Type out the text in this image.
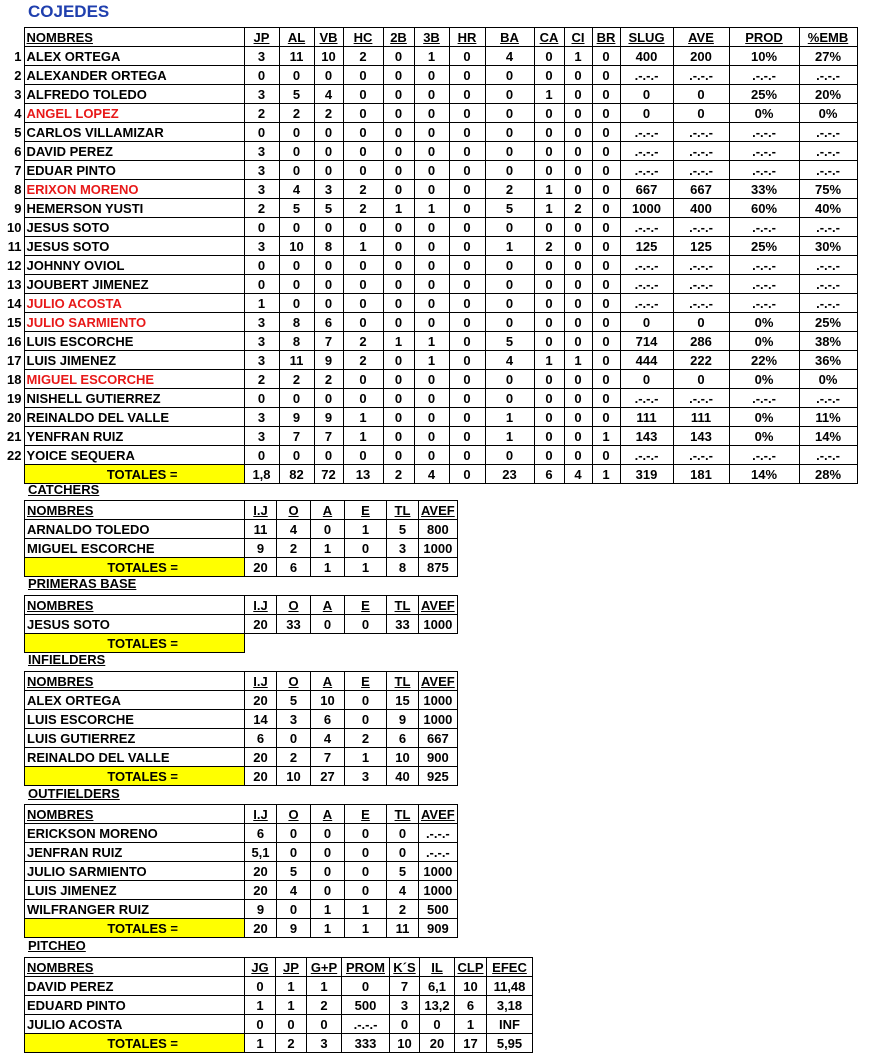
COJEDES
	NOMBRES	JP	AL	VB	HC	2B	3B	HR	BA	CA	CI	BR	SLUG	AVE	PROD	%EMB
1	ALEX ORTEGA	3	11	10	2	0	1	0	4	0	1	0	400	200	10%	27%
2	ALEXANDER ORTEGA	0	0	0	0	0	0	0	0	0	0	0	.-.-.-	.-.-.-	.-.-.-	.-.-.-
3	ALFREDO TOLEDO	3	5	4	0	0	0	0	0	1	0	0	0	0	25%	20%
4	ANGEL LOPEZ	2	2	2	0	0	0	0	0	0	0	0	0	0	0%	0%
5	CARLOS VILLAMIZAR	0	0	0	0	0	0	0	0	0	0	0	.-.-.-	.-.-.-	.-.-.-	.-.-.-
6	DAVID PEREZ	3	0	0	0	0	0	0	0	0	0	0	.-.-.-	.-.-.-	.-.-.-	.-.-.-
7	EDUAR PINTO	3	0	0	0	0	0	0	0	0	0	0	.-.-.-	.-.-.-	.-.-.-	.-.-.-
8	ERIXON MORENO	3	4	3	2	0	0	0	2	1	0	0	667	667	33%	75%
9	HEMERSON YUSTI	2	5	5	2	1	1	0	5	1	2	0	1000	400	60%	40%
10	JESUS SOTO	0	0	0	0	0	0	0	0	0	0	0	.-.-.-	.-.-.-	.-.-.-	.-.-.-
11	JESUS SOTO	3	10	8	1	0	0	0	1	2	0	0	125	125	25%	30%
12	JOHNNY OVIOL	0	0	0	0	0	0	0	0	0	0	0	.-.-.-	.-.-.-	.-.-.-	.-.-.-
13	JOUBERT JIMENEZ	0	0	0	0	0	0	0	0	0	0	0	.-.-.-	.-.-.-	.-.-.-	.-.-.-
14	JULIO ACOSTA	1	0	0	0	0	0	0	0	0	0	0	.-.-.-	.-.-.-	.-.-.-	.-.-.-
15	JULIO SARMIENTO	3	8	6	0	0	0	0	0	0	0	0	0	0	0%	25%
16	LUIS ESCORCHE	3	8	7	2	1	1	0	5	0	0	0	714	286	0%	38%
17	LUIS JIMENEZ	3	11	9	2	0	1	0	4	1	1	0	444	222	22%	36%
18	MIGUEL ESCORCHE	2	2	2	0	0	0	0	0	0	0	0	0	0	0%	0%
19	NISHELL GUTIERREZ	0	0	0	0	0	0	0	0	0	0	0	.-.-.-	.-.-.-	.-.-.-	.-.-.-
20	REINALDO DEL VALLE	3	9	9	1	0	0	0	1	0	0	0	111	111	0%	11%
21	YENFRAN RUIZ	3	7	7	1	0	0	0	1	0	0	1	143	143	0%	14%
22	YOICE SEQUERA	0	0	0	0	0	0	0	0	0	0	0	.-.-.-	.-.-.-	.-.-.-	.-.-.-
	TOTALES =	1,8	82	72	13	2	4	0	23	6	4	1	319	181	14%	28%
CATCHERS
NOMBRES	I.J	O	A	E	TL	AVEF
ARNALDO TOLEDO	11	4	0	1	5	800
MIGUEL ESCORCHE	9	2	1	0	3	1000
TOTALES =	20	6	1	1	8	875
PRIMERAS BASE
NOMBRES	I.J	O	A	E	TL	AVEF
JESUS SOTO	20	33	0	0	33	1000
TOTALES =						
INFIELDERS
NOMBRES	I.J	O	A	E	TL	AVEF
ALEX ORTEGA	20	5	10	0	15	1000
LUIS ESCORCHE	14	3	6	0	9	1000
LUIS GUTIERREZ	6	0	4	2	6	667
REINALDO DEL VALLE	20	2	7	1	10	900
TOTALES =	20	10	27	3	40	925
OUTFIELDERS
NOMBRES	I.J	O	A	E	TL	AVEF
ERICKSON MORENO	6	0	0	0	0	.-.-.-
JENFRAN RUIZ	5,1	0	0	0	0	.-.-.-
JULIO SARMIENTO	20	5	0	0	5	1000
LUIS JIMENEZ	20	4	0	0	4	1000
WILFRANGER RUIZ	9	0	1	1	2	500
TOTALES =	20	9	1	1	11	909
PITCHEO
NOMBRES	JG	JP	G+P	PROM	K´S	IL	CLP	EFEC
DAVID PEREZ	0	1	1	0	7	6,1	10	11,48
EDUARD PINTO	1	1	2	500	3	13,2	6	3,18
JULIO ACOSTA	0	0	0	.-.-.-	0	0	1	INF
TOTALES =	1	2	3	333	10	20	17	5,95
